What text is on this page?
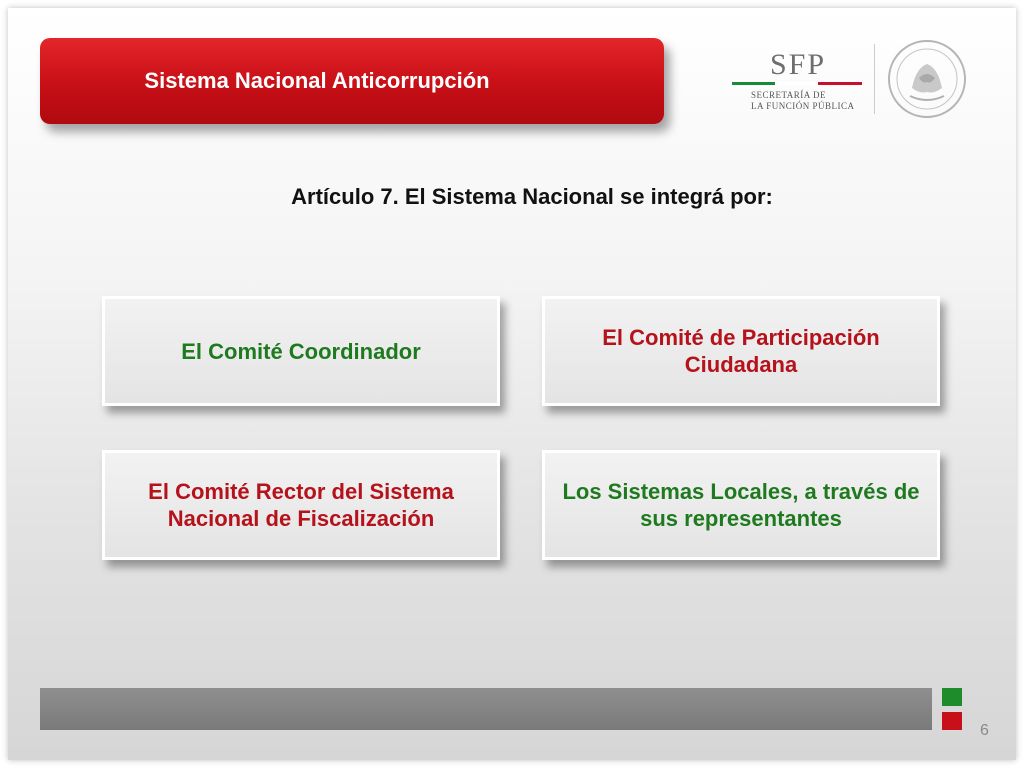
Sistema Nacional Anticorrupción	SFP
SECRETARÍA DE
LA FUNCIÓN PÚBLICA
Artículo 7. El Sistema Nacional se integrá por:
El Comité Coordinador
El Comité de Participación Ciudadana
El Comité Rector del Sistema Nacional de Fiscalización
Los Sistemas Locales, a través de sus representantes
6
